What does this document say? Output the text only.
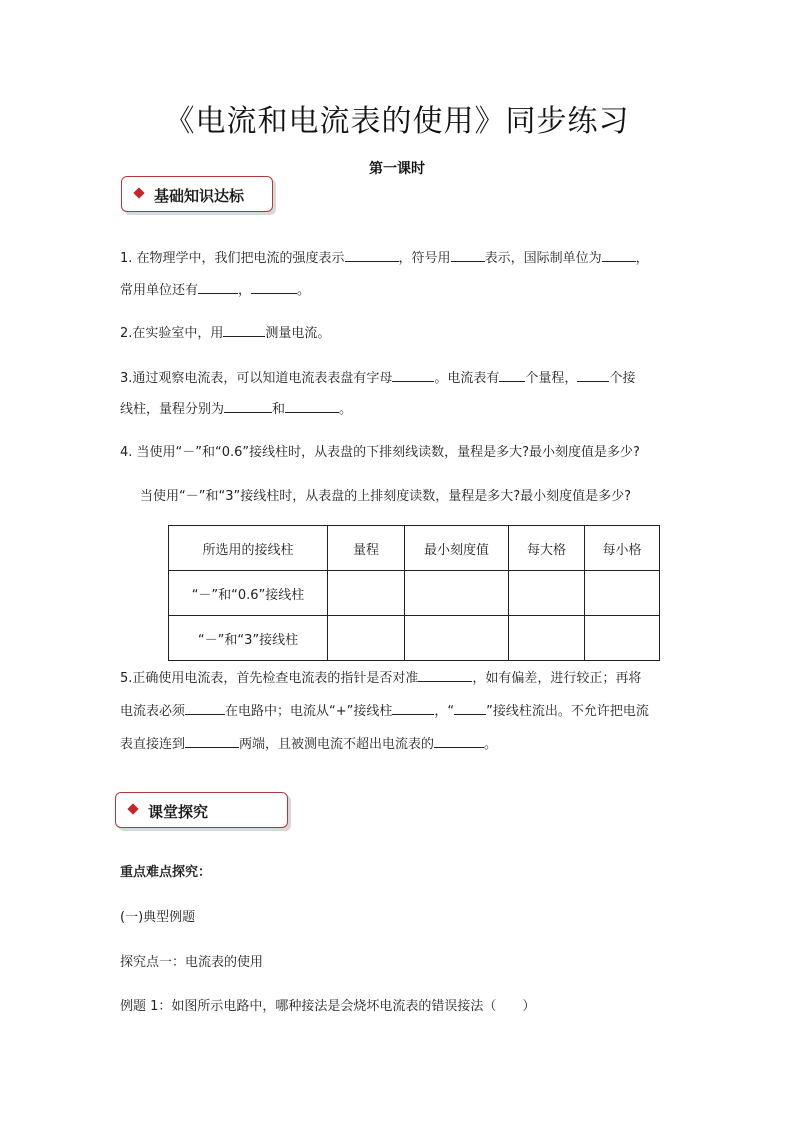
《电流和电流表的使用》同步练习
第一课时
基础知识达标
1. 在物理学中，我们把电流的强度表示	，符号用	表示，国际制单位为	，
常用单位还有	，	。
2.在实验室中，用	测量电流。
3.通过观察电流表，可以知道电流表表盘有字母	。电流表有 个量程， 个接
线柱，量程分别为	和	。
4. 当使用“－”和“0.6”接线柱时，从表盘的下排刻线读数，量程是多大?最小刻度值是多少?
当使用“－”和“3”接线柱时，从表盘的上排刻度读数，量程是多大?最小刻度值是多少?
所选用的接线柱	量程	最小刻度值	每大格	每小格
“－”和“0.6”接线柱				
“－”和“3”接线柱				
5.正确使用电流表，首先检查电流表的指针是否对准	，如有偏差，进行较正；再将
电流表必须	在电路中；电流从“+”接线柱	，“ ”接线柱流出。不允许把电流
表直接连到	两端，且被测电流不超出电流表的	。
课堂探究
重点难点探究：
(一)典型例题
探究点一：电流表的使用
例题 1：如图所示电路中，哪种接法是会烧坏电流表的错误接法（　　）
